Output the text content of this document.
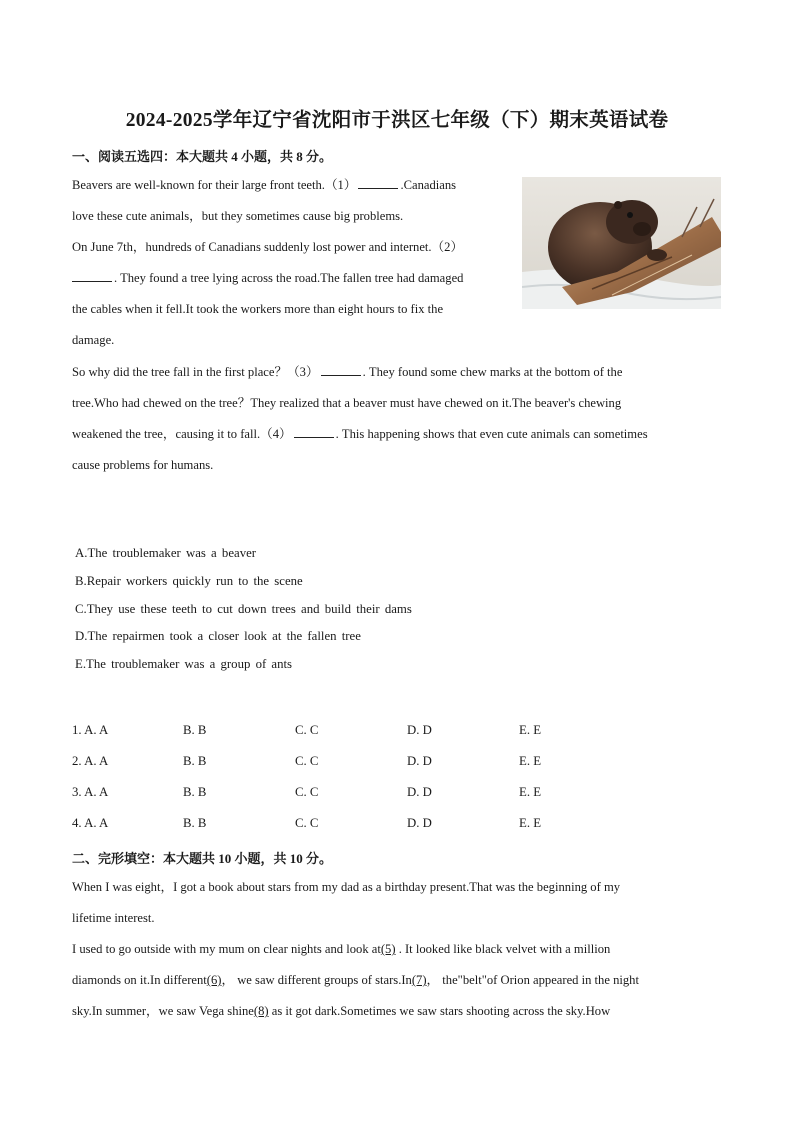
2024-2025学年辽宁省沈阳市于洪区七年级（下）期末英语试卷
一、阅读五选四：本大题共 4 小题，共 8 分。
Beavers are well-known for their large front teeth.（1）	.Canadians
love these cute animals，but they sometimes cause big problems.
On June 7th，hundreds of Canadians suddenly lost power and internet.（2）
. They found a tree lying across the road.The fallen tree had damaged
the cables when it fell.It took the workers more than eight hours to fix the
damage.
So why did the tree fall in the first place？（3）	. They found some chew marks at the bottom of the
tree.Who had chewed on the tree？They realized that a beaver must have chewed on it.The beaver's chewing
weakened the tree，causing it to fall.（4）	. This happening shows that even cute animals can sometimes
cause problems for humans.
A.The troublemaker was a beaver
B.Repair workers quickly run to the scene
C.They use these teeth to cut down trees and build their dams
D.The repairmen took a closer look at the fallen tree
E.The troublemaker was a group of ants
1. A. A	B. B	C. C	D. D	E. E
2. A. A	B. B	C. C	D. D	E. E
3. A. A	B. B	C. C	D. D	E. E
4. A. A	B. B	C. C	D. D	E. E
二、完形填空：本大题共 10 小题，共 10 分。
When I was eight，I got a book about stars from my dad as a birthday present.That was the beginning of my
lifetime interest.
I used to go outside with my mum on clear nights and look at(5) . It looked like black velvet with a million
diamonds on it.In different(6)， we saw different groups of stars.In(7)， the"belt"of Orion appeared in the night
sky.In summer，we saw Vega shine(8) as it got dark.Sometimes we saw stars shooting across the sky.How
